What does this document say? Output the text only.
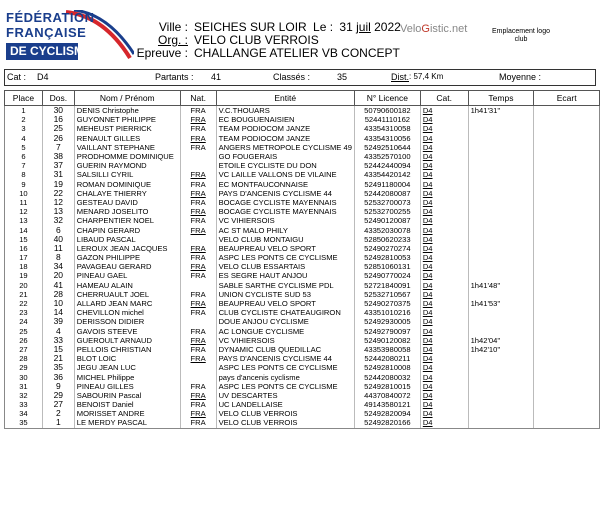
FÉDÉRATION
FRANÇAISE
DE CYCLISME
Ville : SEICHES SUR LOIR Le : 31 juil 2022 VeloGistic.net	Emplacement logo club
Org. : VELO CLUB VERROIS
Epreuve : CHALLANGE ATELIER VB CONCEPT
Cat : D4	Partants : 41	Classés :	35	Dist. : 57,4 Km	Moyenne :
Place	Dos.	Nom / Prénom	Nat.	Entité	N° Licence	Cat.	Temps	Ecart
1	30	DENIS Christophe	FRA	V.C.THOUARS	50790600182	D4	1h41'31''	
2	16	GUYONNET PHILIPPE	FRA	EC BOUGUENAISIEN	52441110162	D4		
3	25	MEHEUST PIERRICK	FRA	TEAM PODIOCOM JANZE	43354310058	D4		
4	26	RENAULT GILLES	FRA	TEAM PODIOCOM JANZE	43354310056	D4		
5	7	VAILLANT STEPHANE	FRA	ANGERS METROPOLE CYCLISME 49	52492510644	D4		
6	38	PRODHOMME DOMINIQUE		GO FOUGERAIS	43352570100	D4		
7	37	GUERIN RAYMOND		ETOILE CYCLISTE DU DON	52442440094	D4		
8	31	SALSILLI CYRIL	FRA	VC LAILLE VALLONS DE VILAINE	43354420142	D4		
9	19	ROMAN DOMINIQUE	FRA	EC MONTFAUCONNAISE	52491180004	D4		
10	22	CHALAYE THIERRY	FRA	PAYS D'ANCENIS CYCLISME 44	52442080087	D4		
11	12	GESTEAU DAVID	FRA	BOCAGE CYCLISTE MAYENNAIS	52532700073	D4		
12	13	MENARD JOSELITO	FRA	BOCAGE CYCLISTE MAYENNAIS	52532700255	D4		
13	32	CHARPENTIER NOEL	FRA	VC VIHIERSOIS	52490120087	D4		
14	6	CHAPIN GERARD	FRA	AC ST MALO PHILY	43352030078	D4		
15	40	LIBAUD PASCAL		VELO CLUB MONTAIGU	52850620233	D4		
16	11	LEROUX JEAN JACQUES	FRA	BEAUPREAU VELO SPORT	52490270274	D4		
17	8	GAZON PHILIPPE	FRA	ASPC LES PONTS CE CYCLISME	52492810053	D4		
18	34	PAVAGEAU GERARD	FRA	VELO CLUB ESSARTAIS	52851060131	D4		
19	20	PINEAU GAEL	FRA	ES SEGRE HAUT ANJOU	52490770024	D4		
20	41	HAMEAU ALAIN		SABLE SARTHE CYCLISME PDL	52721840091	D4	1h41'48''	
21	28	CHERRUAULT JOEL	FRA	UNION CYCLISTE SUD 53	52532710567	D4		
22	10	ALLARD JEAN MARC	FRA	BEAUPREAU VELO SPORT	52490270375	D4	1h41'53''	
23	14	CHEVILLON michel	FRA	CLUB CYCLISTE CHATEAUGIRON	43351010216	D4		
24	39	DERISSON DIDIER		DOUE ANJOU CYCLISME	52492930005	D4		
25	4	GAVOIS STEEVE	FRA	AC LONGUE CYCLISME	52492790097	D4		
26	33	GUEROULT ARNAUD	FRA	VC VIHIERSOIS	52490120082	D4	1h42'04''	
27	15	PELLOIS CHRISTIAN	FRA	DYNAMIC CLUB QUEDILLAC	43353980058	D4	1h42'10''	
28	21	BLOT LOIC	FRA	PAYS D'ANCENIS CYCLISME 44	52442080211	D4		
29	35	JEGU JEAN LUC		ASPC LES PONTS CE CYCLISME	52492810008	D4		
30	36	MICHEL Philippe		pays d'ancenis cyclisme	52442080032	D4		
31	9	PINEAU GILLES	FRA	ASPC LES PONTS CE CYCLISME	52492810015	D4		
32	29	SABOURIN Pascal	FRA	UV DESCARTES	44370840072	D4		
33	27	BENOIST Daniel	FRA	UC LANDELLAISE	49143580121	D4		
34	2	MORISSET ANDRE	FRA	VELO CLUB VERROIS	52492820094	D4		
35	1	LE MERDY PASCAL	FRA	VELO CLUB VERROIS	52492820166	D4		
